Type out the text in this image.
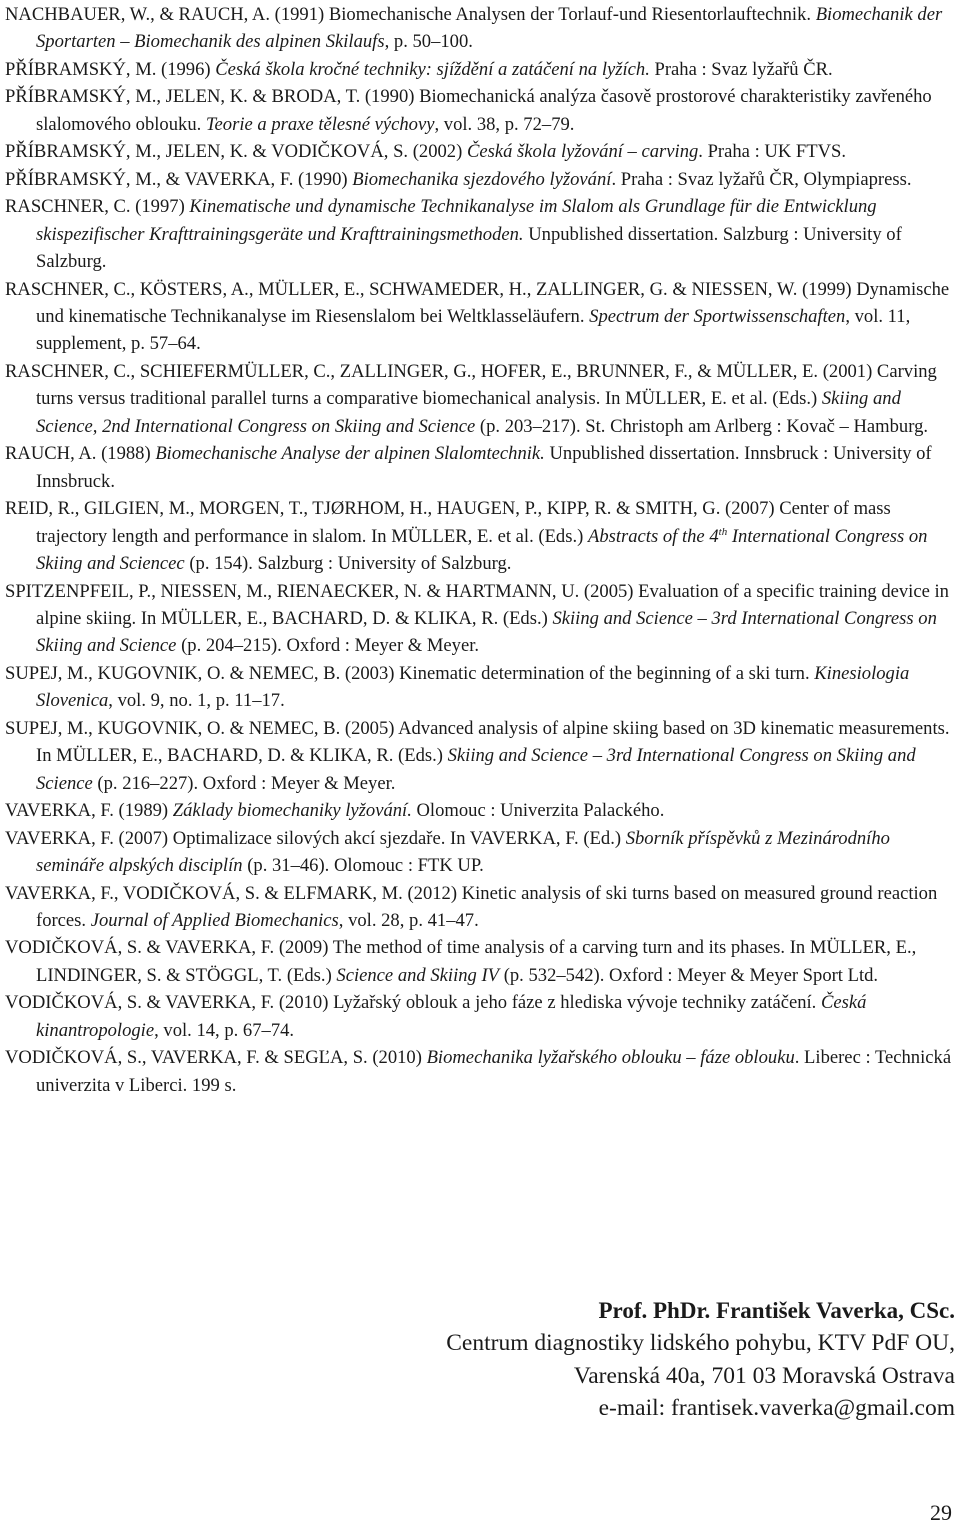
NACHBAUER, W., & RAUCH, A. (1991) Biomechanische Analysen der Torlauf-und Riesentorlauftechnik. Biomechanik der Sportarten – Biomechanik des alpinen Skilaufs, p. 50–100.
PŘÍBRAMSKÝ, M. (1996) Česká škola kročné techniky: sjíždění a zatáčení na lyžích. Praha : Svaz lyžařů ČR.
PŘÍBRAMSKÝ, M., JELEN, K. & BRODA, T. (1990) Biomechanická analýza časově prostorové charakteristiky zavřeného slalomového oblouku. Teorie a praxe tělesné výchovy, vol. 38, p. 72–79.
PŘÍBRAMSKÝ, M., JELEN, K. & VODIČKOVÁ, S. (2002) Česká škola lyžování – carving. Praha : UK FTVS.
PŘÍBRAMSKÝ, M., & VAVERKA, F. (1990) Biomechanika sjezdového lyžování. Praha : Svaz lyžařů ČR, Olympiapress.
RASCHNER, C. (1997) Kinematische und dynamische Technikanalyse im Slalom als Grundlage für die Entwicklung skispezifischer Krafttrainingsgeräte und Krafttrainingsmethoden. Unpublished dissertation. Salzburg : University of Salzburg.
RASCHNER, C., KÖSTERS, A., MÜLLER, E., SCHWAMEDER, H., ZALLINGER, G. & NIESSEN, W. (1999) Dynamische und kinematische Technikanalyse im Riesenslalom bei Weltklasseläufern. Spectrum der Sportwissenschaften, vol. 11, supplement, p. 57–64.
RASCHNER, C., SCHIEFERMÜLLER, C., ZALLINGER, G., HOFER, E., BRUNNER, F., & MÜLLER, E. (2001) Carving turns versus traditional parallel turns a comparative biomechanical analysis. In MÜLLER, E. et al. (Eds.) Skiing and Science, 2nd International Congress on Skiing and Science (p. 203–217). St. Christoph am Arlberg : Kovač – Hamburg.
RAUCH, A. (1988) Biomechanische Analyse der alpinen Slalomtechnik. Unpublished dissertation. Innsbruck : University of Innsbruck.
REID, R., GILGIEN, M., MORGEN, T., TJØRHOM, H., HAUGEN, P., KIPP, R. & SMITH, G. (2007) Center of mass trajectory length and performance in slalom. In MÜLLER, E. et al. (Eds.) Abstracts of the 4th International Congress on Skiing and Sciencec (p. 154). Salzburg : University of Salzburg.
SPITZENPFEIL, P., NIESSEN, M., RIENAECKER, N. & HARTMANN, U. (2005) Evaluation of a specific training device in alpine skiing. In MÜLLER, E., BACHARD, D. & KLIKA, R. (Eds.) Skiing and Science – 3rd International Congress on Skiing and Science (p. 204–215). Oxford : Meyer & Meyer.
SUPEJ, M., KUGOVNIK, O. & NEMEC, B. (2003) Kinematic determination of the beginning of a ski turn. Kinesiologia Slovenica, vol. 9, no. 1, p. 11–17.
SUPEJ, M., KUGOVNIK, O. & NEMEC, B. (2005) Advanced analysis of alpine skiing based on 3D kinematic measurements. In MÜLLER, E., BACHARD, D. & KLIKA, R. (Eds.) Skiing and Science – 3rd International Congress on Skiing and Science (p. 216–227). Oxford : Meyer & Meyer.
VAVERKA, F. (1989) Základy biomechaniky lyžování. Olomouc : Univerzita Palackého.
VAVERKA, F. (2007) Optimalizace silových akcí sjezdaře. In VAVERKA, F. (Ed.) Sborník příspěvků z Mezinárodního semináře alpských disciplín (p. 31–46). Olomouc : FTK UP.
VAVERKA, F., VODIČKOVÁ, S. & ELFMARK, M. (2012) Kinetic analysis of ski turns based on measured ground reaction forces. Journal of Applied Biomechanics, vol. 28, p. 41–47.
VODIČKOVÁ, S. & VAVERKA, F. (2009) The method of time analysis of a carving turn and its phases. In MÜLLER, E., LINDINGER, S. & STÖGGL, T. (Eds.) Science and Skiing IV (p. 532–542). Oxford : Meyer & Meyer Sport Ltd.
VODIČKOVÁ, S. & VAVERKA, F. (2010) Lyžařský oblouk a jeho fáze z hlediska vývoje techniky zatáčení. Česká kinantropologie, vol. 14, p. 67–74.
VODIČKOVÁ, S., VAVERKA, F. & SEGĽA, S. (2010) Biomechanika lyžařského oblouku – fáze oblouku. Liberec : Technická univerzita v Liberci. 199 s.
Prof. PhDr. František Vaverka, CSc.
Centrum diagnostiky lidského pohybu, KTV PdF OU,
Varenská 40a, 701 03 Moravská Ostrava
e-mail: frantisek.vaverka@gmail.com
29
